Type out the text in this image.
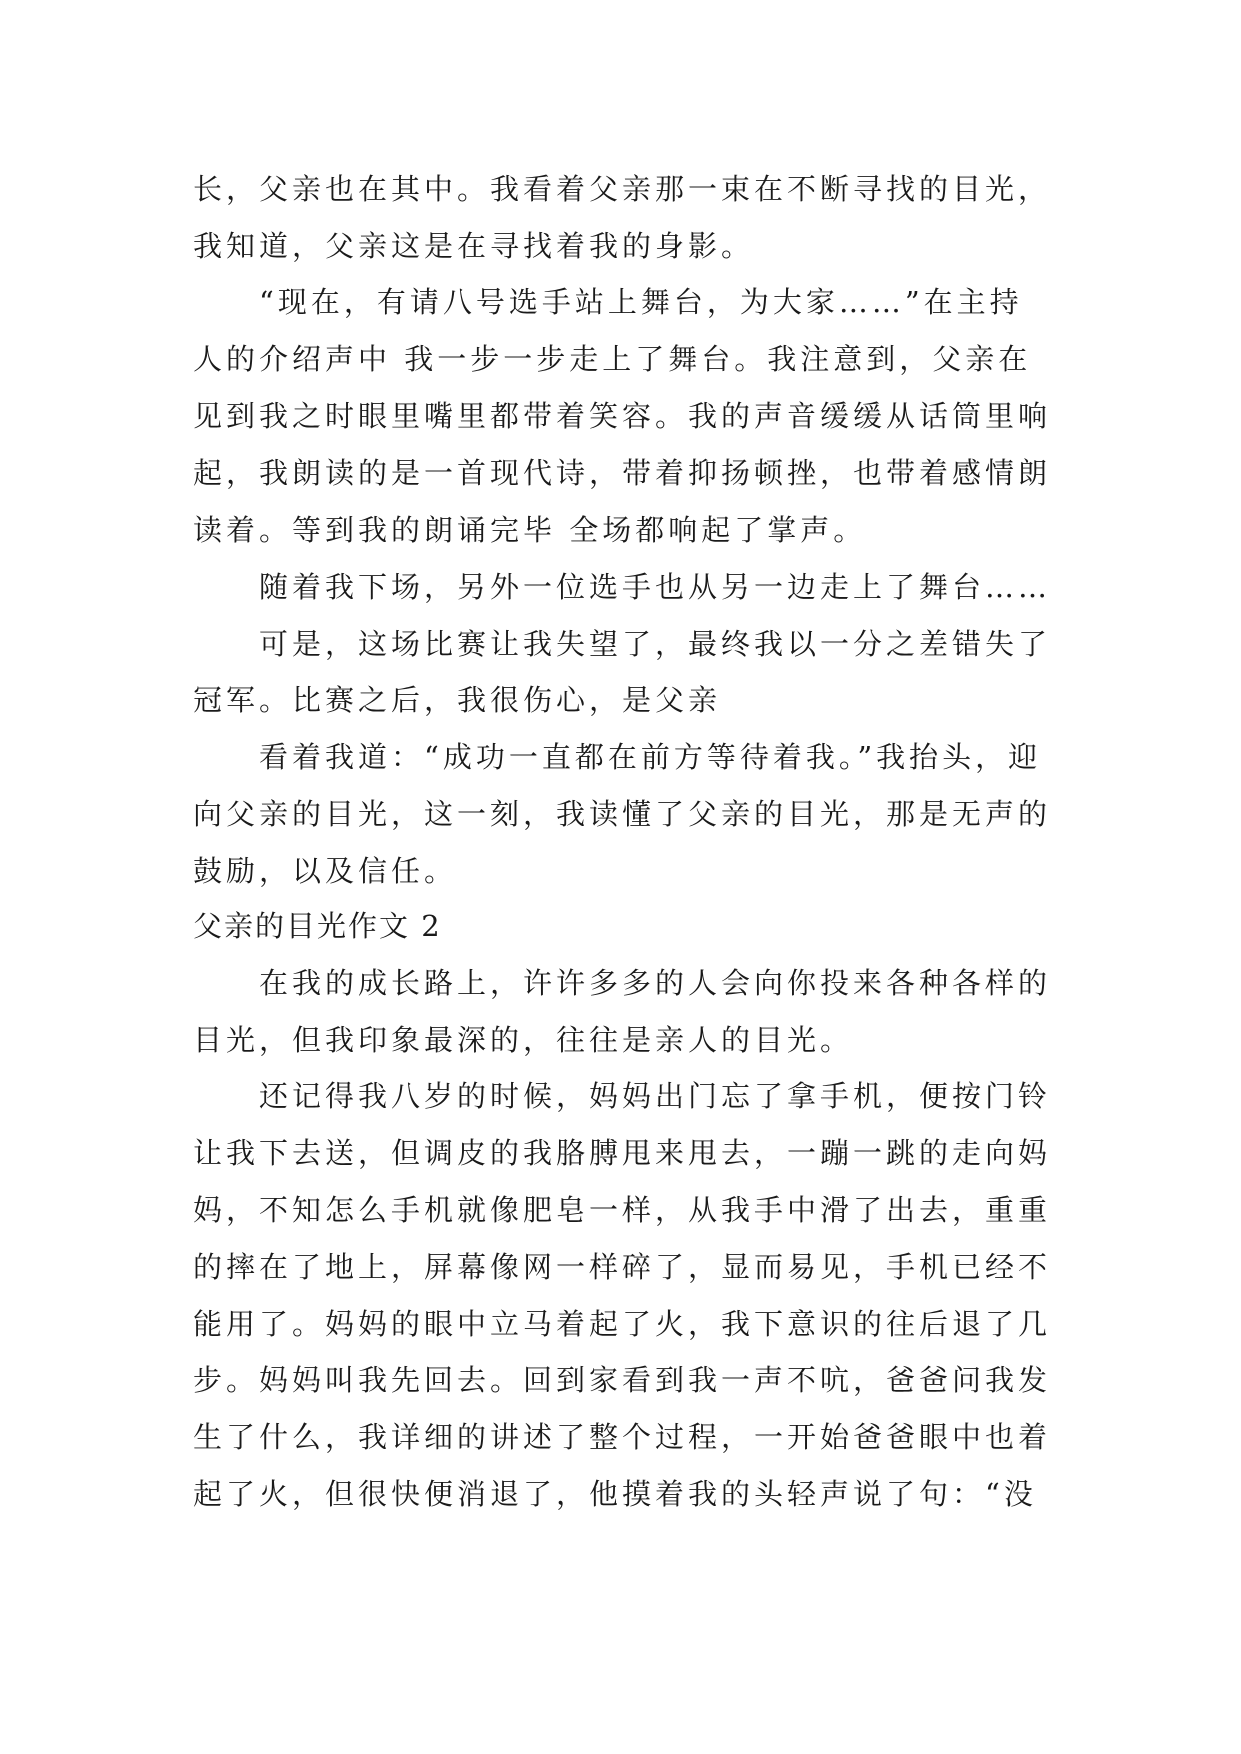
长，父亲也在其中。我看着父亲那一束在不断寻找的目光，
我知道，父亲这是在寻找着我的身影。
　　“现在，有请八号选手站上舞台，为大家……”在主持
人的介绍声中 我一步一步走上了舞台。我注意到，父亲在
见到我之时眼里嘴里都带着笑容。我的声音缓缓从话筒里响
起，我朗读的是一首现代诗，带着抑扬顿挫，也带着感情朗
读着。等到我的朗诵完毕 全场都响起了掌声。
　　随着我下场，另外一位选手也从另一边走上了舞台……
　　可是，这场比赛让我失望了，最终我以一分之差错失了
冠军。比赛之后，我很伤心，是父亲
　　看着我道：“成功一直都在前方等待着我。”我抬头，迎
向父亲的目光，这一刻，我读懂了父亲的目光，那是无声的
鼓励，以及信任。
父亲的目光作文 2
　　在我的成长路上，许许多多的人会向你投来各种各样的
目光，但我印象最深的，往往是亲人的目光。
　　还记得我八岁的时候，妈妈出门忘了拿手机，便按门铃
让我下去送，但调皮的我胳膊甩来甩去，一蹦一跳的走向妈
妈，不知怎么手机就像肥皂一样，从我手中滑了出去，重重
的摔在了地上，屏幕像网一样碎了，显而易见，手机已经不
能用了。妈妈的眼中立马着起了火，我下意识的往后退了几
步。妈妈叫我先回去。回到家看到我一声不吭，爸爸问我发
生了什么，我详细的讲述了整个过程，一开始爸爸眼中也着
起了火，但很快便消退了，他摸着我的头轻声说了句：“没
